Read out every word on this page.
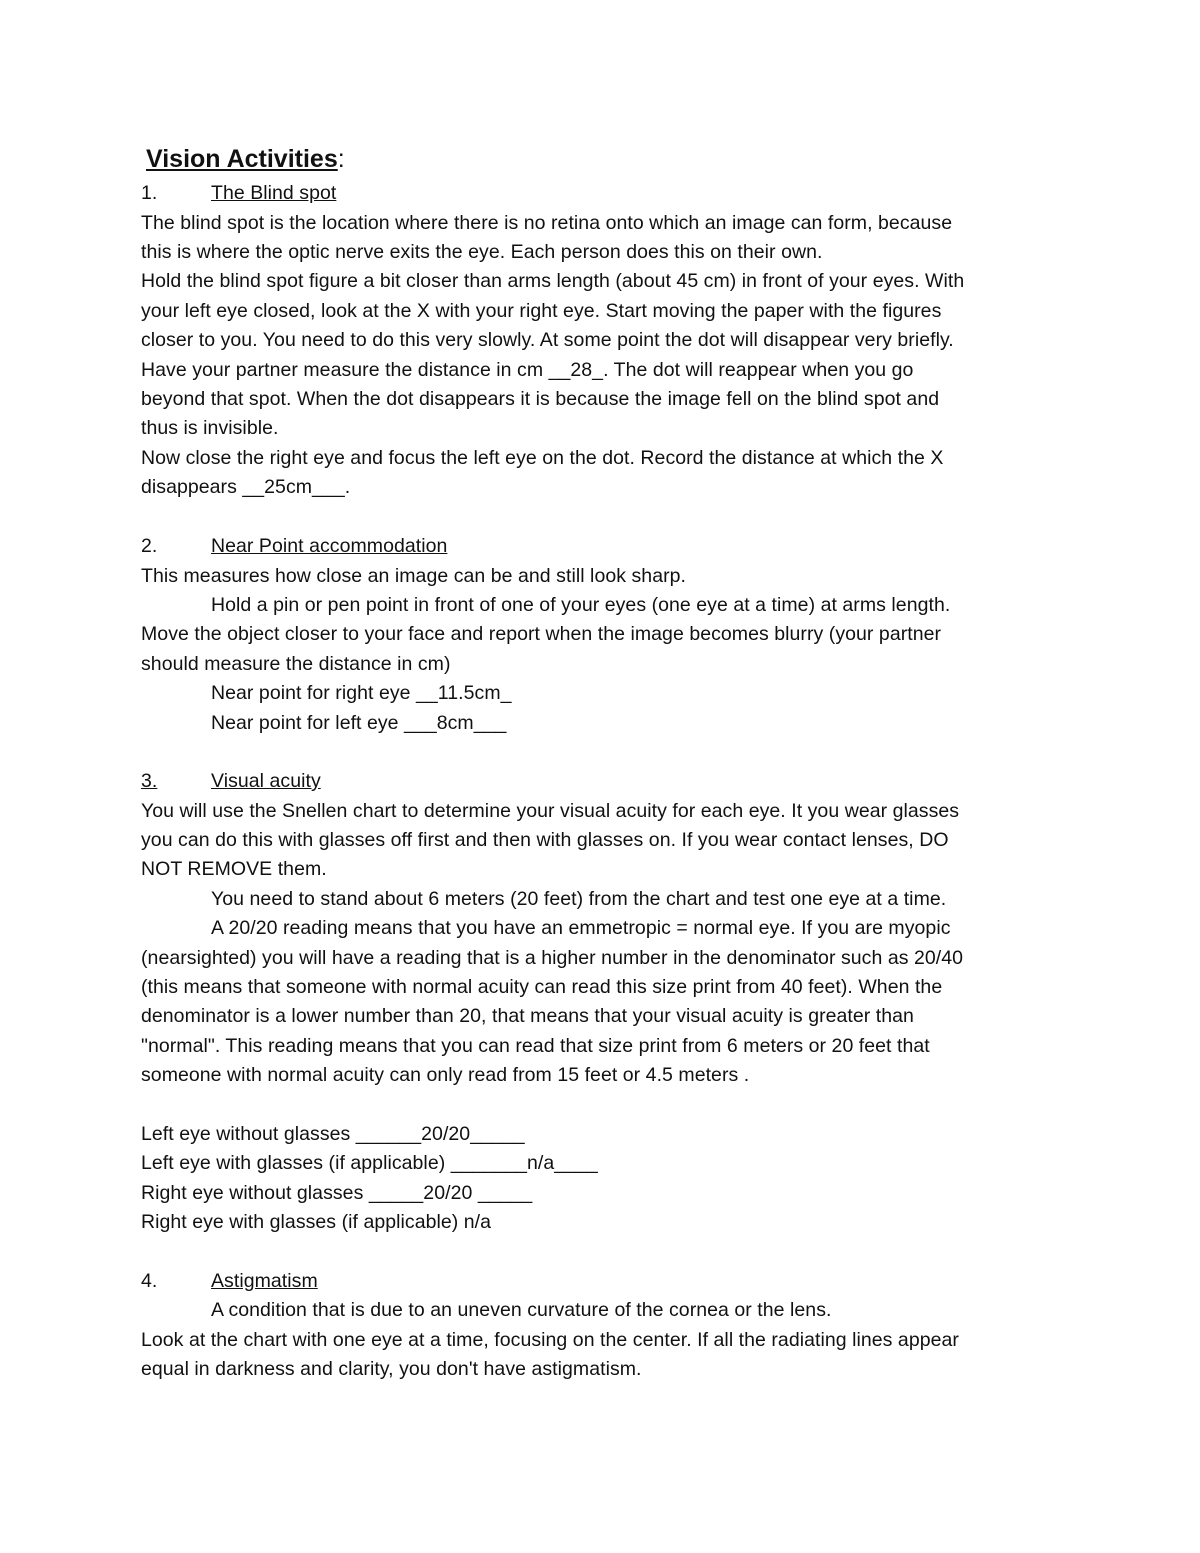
Vision Activities:
1.	The Blind spot
The blind spot is the location where there is no retina onto which an image can form, because
this is where the optic nerve exits the eye. Each person does this on their own.
Hold the blind spot figure a bit closer than arms length (about 45 cm) in front of your eyes. With
your left eye closed, look at the X with your right eye. Start moving the paper with the figures
closer to you. You need to do this very slowly. At some point the dot will disappear very briefly.
Have your partner measure the distance in cm __28_. The dot will reappear when you go
beyond that spot. When the dot disappears it is because the image fell on the blind spot and
thus is invisible.
Now close the right eye and focus the left eye on the dot. Record the distance at which the X
disappears __25cm___.
2.	Near Point accommodation
This measures how close an image can be and still look sharp.
Hold a pin or pen point in front of one of your eyes (one eye at a time) at arms length.
Move the object closer to your face and report when the image becomes blurry (your partner
should measure the distance in cm)
Near point for right eye __11.5cm_
Near point for left eye ___8cm___
3.	Visual acuity
You will use the Snellen chart to determine your visual acuity for each eye. It you wear glasses
you can do this with glasses off first and then with glasses on. If you wear contact lenses, DO
NOT REMOVE them.
You need to stand about 6 meters (20 feet) from the chart and test one eye at a time.
A 20/20 reading means that you have an emmetropic = normal eye. If you are myopic
(nearsighted) you will have a reading that is a higher number in the denominator such as 20/40
(this means that someone with normal acuity can read this size print from 40 feet). When the
denominator is a lower number than 20, that means that your visual acuity is greater than
"normal". This reading means that you can read that size print from 6 meters or 20 feet that
someone with normal acuity can only read from 15 feet or 4.5 meters .
Left eye without glasses ______20/20_____
Left eye with glasses (if applicable) _______n/a____
Right eye without glasses _____20/20 _____
Right eye with glasses (if applicable) n/a
4.	Astigmatism
A condition that is due to an uneven curvature of the cornea or the lens.
Look at the chart with one eye at a time, focusing on the center. If all the radiating lines appear
equal in darkness and clarity, you don't have astigmatism.
